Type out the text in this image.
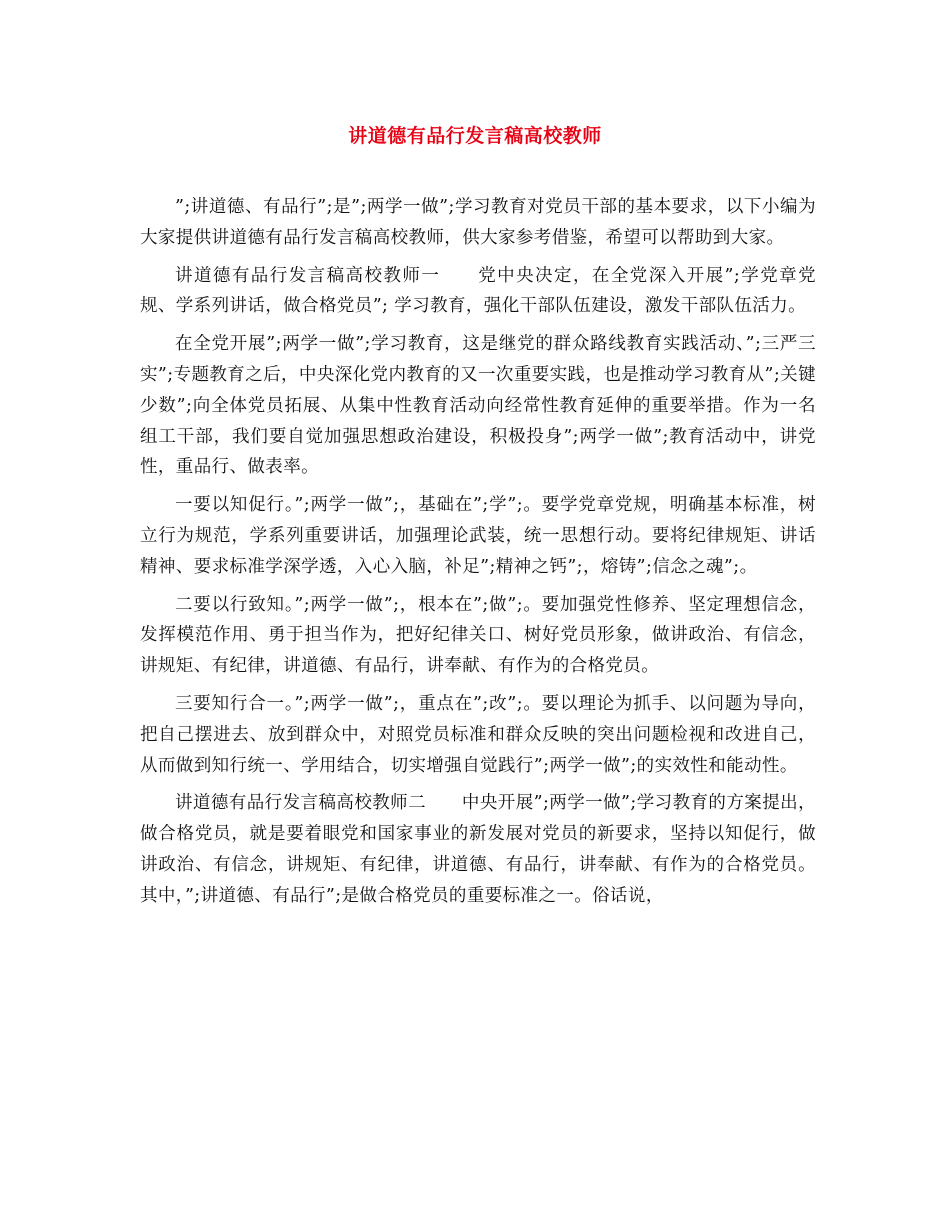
讲道德有品行发言稿高校教师

”;讲道德、有品行”;是”;两学一做”;学习教育对党员干部的基本要求，以下小编为大家提供讲道德有品行发言稿高校教师，供大家参考借鉴，希望可以帮助到大家。

讲道德有品行发言稿高校教师一　　党中央决定，在全党深入开展”;学党章党规、学系列讲话，做合格党员”; 学习教育，强化干部队伍建设，激发干部队伍活力。

在全党开展”;两学一做”;学习教育，这是继党的群众路线教育实践活动、”;三严三实”;专题教育之后，中央深化党内教育的又一次重要实践，也是推动学习教育从”;关键少数”;向全体党员拓展、从集中性教育活动向经常性教育延伸的重要举措。作为一名组工干部，我们要自觉加强思想政治建设，积极投身”;两学一做”;教育活动中，讲党性，重品行、做表率。

一要以知促行。”;两学一做”;，基础在”;学”;。要学党章党规，明确基本标准，树立行为规范，学系列重要讲话，加强理论武装，统一思想行动。要将纪律规矩、讲话精神、要求标准学深学透，入心入脑，补足”;精神之钙”;，熔铸”;信念之魂”;。

二要以行致知。”;两学一做”;，根本在”;做”;。要加强党性修养、坚定理想信念，发挥模范作用、勇于担当作为，把好纪律关口、树好党员形象，做讲政治、有信念，讲规矩、有纪律，讲道德、有品行，讲奉献、有作为的合格党员。

三要知行合一。”;两学一做”;，重点在”;改”;。要以理论为抓手、以问题为导向，把自己摆进去、放到群众中，对照党员标准和群众反映的突出问题检视和改进自己，从而做到知行统一、学用结合，切实增强自觉践行”;两学一做”;的实效性和能动性。

讲道德有品行发言稿高校教师二　　中央开展”;两学一做”;学习教育的方案提出，做合格党员，就是要着眼党和国家事业的新发展对党员的新要求，坚持以知促行，做讲政治、有信念，讲规矩、有纪律，讲道德、有品行，讲奉献、有作为的合格党员。其中，”;讲道德、有品行”;是做合格党员的重要标准之一。俗话说，
